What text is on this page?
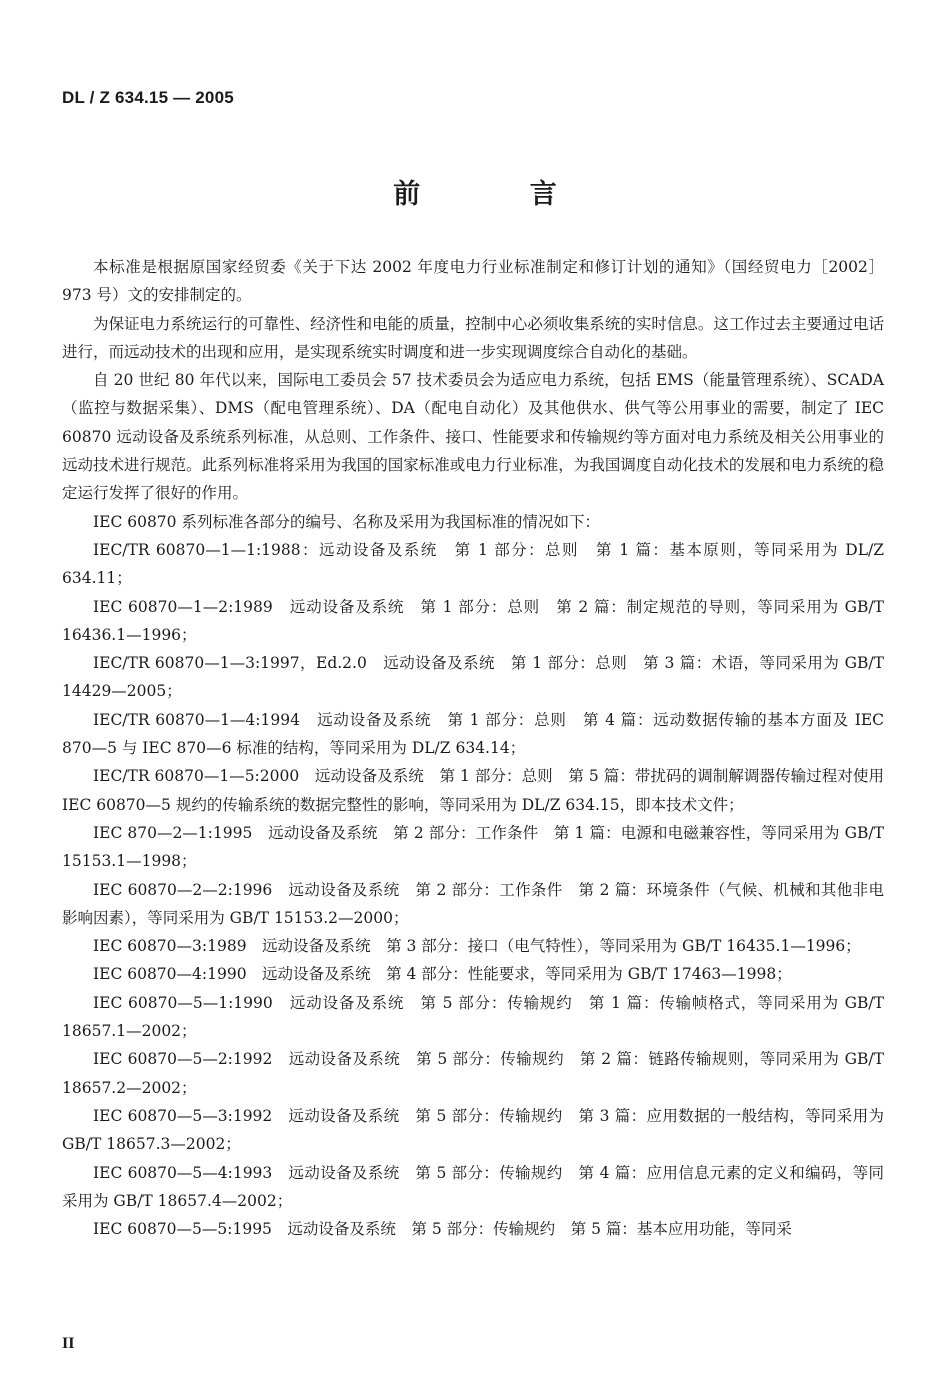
DL / Z 634.15 — 2005
前 言

本标准是根据原国家经贸委《关于下达 2002 年度电力行业标准制定和修订计划的通知》（国经贸电力［2002］973 号）文的安排制定的。

为保证电力系统运行的可靠性、经济性和电能的质量，控制中心必须收集系统的实时信息。这工作过去主要通过电话进行，而远动技术的出现和应用，是实现系统实时调度和进一步实现调度综合自动化的基础。

自 20 世纪 80 年代以来，国际电工委员会 57 技术委员会为适应电力系统，包括 EMS（能量管理系统）、SCADA（监控与数据采集）、DMS（配电管理系统）、DA（配电自动化）及其他供水、供气等公用事业的需要，制定了 IEC 60870 远动设备及系统系列标准，从总则、工作条件、接口、性能要求和传输规约等方面对电力系统及相关公用事业的远动技术进行规范。此系列标准将采用为我国的国家标准或电力行业标准，为我国调度自动化技术的发展和电力系统的稳定运行发挥了很好的作用。

IEC 60870 系列标准各部分的编号、名称及采用为我国标准的情况如下：

IEC/TR 60870—1—1:1988：远动设备及系统　第 1 部分：总则　第 1 篇：基本原则，等同采用为 DL/Z 634.11；

IEC 60870—1—2:1989　远动设备及系统　第 1 部分：总则　第 2 篇：制定规范的导则，等同采用为 GB/T 16436.1—1996；

IEC/TR 60870—1—3:1997，Ed.2.0　远动设备及系统　第 1 部分：总则　第 3 篇：术语，等同采用为 GB/T 14429—2005；

IEC/TR 60870—1—4:1994　远动设备及系统　第 1 部分：总则　第 4 篇：远动数据传输的基本方面及 IEC 870—5 与 IEC 870—6 标准的结构，等同采用为 DL/Z 634.14；

IEC/TR 60870—1—5:2000　远动设备及系统　第 1 部分：总则　第 5 篇：带扰码的调制解调器传输过程对使用 IEC 60870—5 规约的传输系统的数据完整性的影响，等同采用为 DL/Z 634.15，即本技术文件；

IEC 870—2—1:1995　远动设备及系统　第 2 部分：工作条件　第 1 篇：电源和电磁兼容性，等同采用为 GB/T 15153.1—1998；

IEC 60870—2—2:1996　远动设备及系统　第 2 部分：工作条件　第 2 篇：环境条件（气候、机械和其他非电影响因素），等同采用为 GB/T 15153.2—2000；

IEC 60870—3:1989　远动设备及系统　第 3 部分：接口（电气特性），等同采用为 GB/T 16435.1—1996；

IEC 60870—4:1990　远动设备及系统　第 4 部分：性能要求，等同采用为 GB/T 17463—1998；

IEC 60870—5—1:1990　远动设备及系统　第 5 部分：传输规约　第 1 篇：传输帧格式，等同采用为 GB/T 18657.1—2002；

IEC 60870—5—2:1992　远动设备及系统　第 5 部分：传输规约　第 2 篇：链路传输规则，等同采用为 GB/T 18657.2—2002；

IEC 60870—5—3:1992　远动设备及系统　第 5 部分：传输规约　第 3 篇：应用数据的一般结构，等同采用为 GB/T 18657.3—2002；

IEC 60870—5—4:1993　远动设备及系统　第 5 部分：传输规约　第 4 篇：应用信息元素的定义和编码，等同采用为 GB/T 18657.4—2002；

IEC 60870—5—5:1995　远动设备及系统　第 5 部分：传输规约　第 5 篇：基本应用功能，等同采

II
